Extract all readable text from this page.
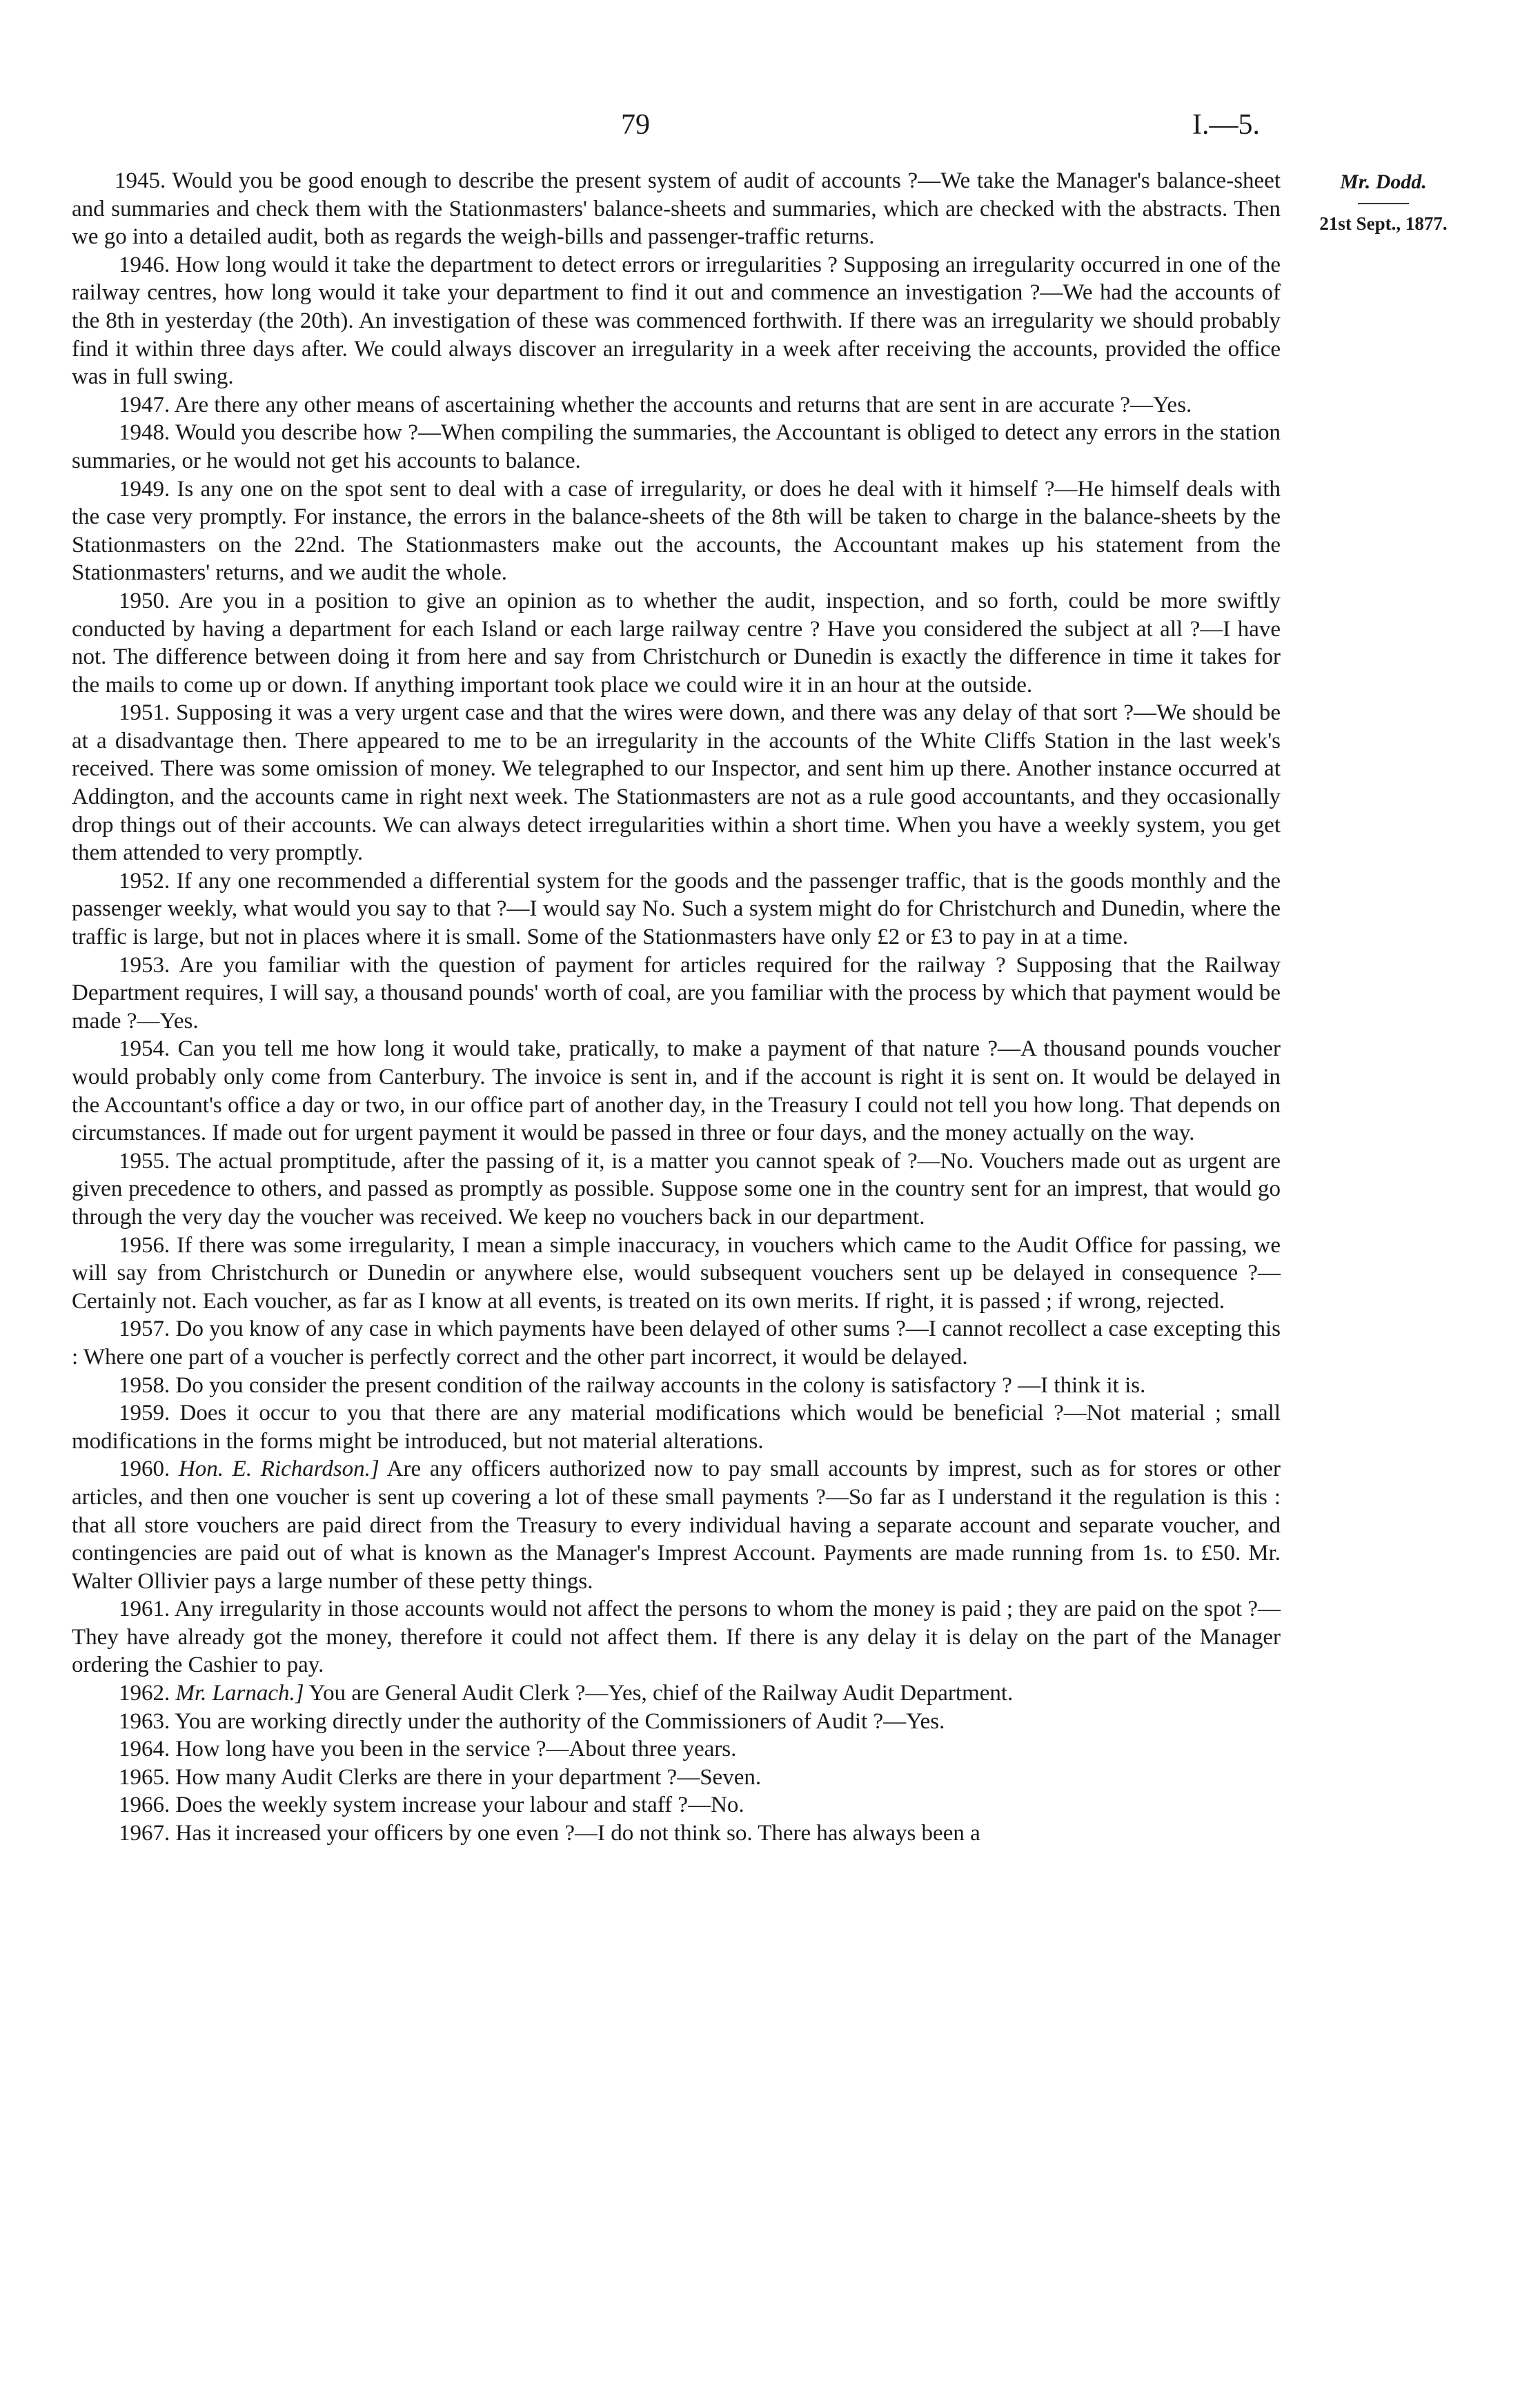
79	I.—5.
Mr. Dodd.
21st Sept., 1877.

1945. Would you be good enough to describe the present system of audit of accounts ?—We take the Manager's balance-sheet and summaries and check them with the Stationmasters' balance-sheets and summaries, which are checked with the abstracts. Then we go into a detailed audit, both as regards the weigh-bills and passenger-traffic returns.

1946. How long would it take the department to detect errors or irregularities ? Supposing an irregularity occurred in one of the railway centres, how long would it take your department to find it out and commence an investigation ?—We had the accounts of the 8th in yesterday (the 20th). An investigation of these was commenced forthwith. If there was an irregularity we should probably find it within three days after. We could always discover an irregularity in a week after receiving the accounts, provided the office was in full swing.

1947. Are there any other means of ascertaining whether the accounts and returns that are sent in are accurate ?—Yes.

1948. Would you describe how ?—When compiling the summaries, the Accountant is obliged to detect any errors in the station summaries, or he would not get his accounts to balance.

1949. Is any one on the spot sent to deal with a case of irregularity, or does he deal with it himself ?—He himself deals with the case very promptly. For instance, the errors in the balance-sheets of the 8th will be taken to charge in the balance-sheets by the Stationmasters on the 22nd. The Stationmasters make out the accounts, the Accountant makes up his statement from the Stationmasters' returns, and we audit the whole.

1950. Are you in a position to give an opinion as to whether the audit, inspection, and so forth, could be more swiftly conducted by having a department for each Island or each large railway centre ? Have you considered the subject at all ?—I have not. The difference between doing it from here and say from Christchurch or Dunedin is exactly the difference in time it takes for the mails to come up or down. If anything important took place we could wire it in an hour at the outside.

1951. Supposing it was a very urgent case and that the wires were down, and there was any delay of that sort ?—We should be at a disadvantage then. There appeared to me to be an irregularity in the accounts of the White Cliffs Station in the last week's received. There was some omission of money. We telegraphed to our Inspector, and sent him up there. Another instance occurred at Addington, and the accounts came in right next week. The Stationmasters are not as a rule good accountants, and they occasionally drop things out of their accounts. We can always detect irregularities within a short time. When you have a weekly system, you get them attended to very promptly.

1952. If any one recommended a differential system for the goods and the passenger traffic, that is the goods monthly and the passenger weekly, what would you say to that ?—I would say No. Such a system might do for Christchurch and Dunedin, where the traffic is large, but not in places where it is small. Some of the Stationmasters have only £2 or £3 to pay in at a time.

1953. Are you familiar with the question of payment for articles required for the railway ? Supposing that the Railway Department requires, I will say, a thousand pounds' worth of coal, are you familiar with the process by which that payment would be made ?—Yes.

1954. Can you tell me how long it would take, pratically, to make a payment of that nature ?—A thousand pounds voucher would probably only come from Canterbury. The invoice is sent in, and if the account is right it is sent on. It would be delayed in the Accountant's office a day or two, in our office part of another day, in the Treasury I could not tell you how long. That depends on circumstances. If made out for urgent payment it would be passed in three or four days, and the money actually on the way.

1955. The actual promptitude, after the passing of it, is a matter you cannot speak of ?—No. Vouchers made out as urgent are given precedence to others, and passed as promptly as possible. Suppose some one in the country sent for an imprest, that would go through the very day the voucher was received. We keep no vouchers back in our department.

1956. If there was some irregularity, I mean a simple inaccuracy, in vouchers which came to the Audit Office for passing, we will say from Christchurch or Dunedin or anywhere else, would subsequent vouchers sent up be delayed in consequence ?—Certainly not. Each voucher, as far as I know at all events, is treated on its own merits. If right, it is passed ; if wrong, rejected.

1957. Do you know of any case in which payments have been delayed of other sums ?—I cannot recollect a case excepting this : Where one part of a voucher is perfectly correct and the other part incorrect, it would be delayed.

1958. Do you consider the present condition of the railway accounts in the colony is satisfactory ? —I think it is.

1959. Does it occur to you that there are any material modifications which would be beneficial ?—Not material ; small modifications in the forms might be introduced, but not material alterations.

1960. Hon. E. Richardson.] Are any officers authorized now to pay small accounts by imprest, such as for stores or other articles, and then one voucher is sent up covering a lot of these small payments ?—So far as I understand it the regulation is this : that all store vouchers are paid direct from the Treasury to every individual having a separate account and separate voucher, and contingencies are paid out of what is known as the Manager's Imprest Account. Payments are made running from 1s. to £50. Mr. Walter Ollivier pays a large number of these petty things.

1961. Any irregularity in those accounts would not affect the persons to whom the money is paid ; they are paid on the spot ?—They have already got the money, therefore it could not affect them. If there is any delay it is delay on the part of the Manager ordering the Cashier to pay.

1962. Mr. Larnach.] You are General Audit Clerk ?—Yes, chief of the Railway Audit Department.

1963. You are working directly under the authority of the Commissioners of Audit ?—Yes.

1964. How long have you been in the service ?—About three years.

1965. How many Audit Clerks are there in your department ?—Seven.

1966. Does the weekly system increase your labour and staff ?—No.

1967. Has it increased your officers by one even ?—I do not think so. There has always been a
